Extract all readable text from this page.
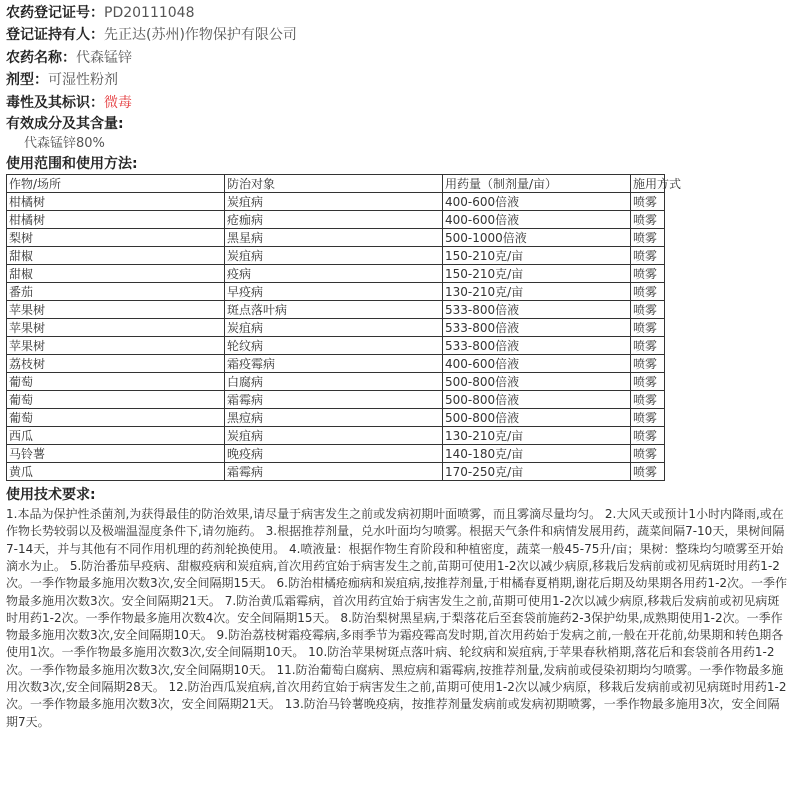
农药登记证号：PD20111048
登记证持有人：先正达(苏州)作物保护有限公司
农药名称：代森锰锌
剂型：可湿性粉剂
毒性及其标识：微毒
有效成分及其含量:
代森锰锌80%
使用范围和使用方法:
作物/场所	防治对象	用药量（制剂量/亩）	施用方式
柑橘树	炭疽病	400-600倍液	喷雾
柑橘树	疮痂病	400-600倍液	喷雾
梨树	黑星病	500-1000倍液	喷雾
甜椒	炭疽病	150-210克/亩	喷雾
甜椒	疫病	150-210克/亩	喷雾
番茄	早疫病	130-210克/亩	喷雾
苹果树	斑点落叶病	533-800倍液	喷雾
苹果树	炭疽病	533-800倍液	喷雾
苹果树	轮纹病	533-800倍液	喷雾
荔枝树	霜疫霉病	400-600倍液	喷雾
葡萄	白腐病	500-800倍液	喷雾
葡萄	霜霉病	500-800倍液	喷雾
葡萄	黑痘病	500-800倍液	喷雾
西瓜	炭疽病	130-210克/亩	喷雾
马铃薯	晚疫病	140-180克/亩	喷雾
黄瓜	霜霉病	170-250克/亩	喷雾
使用技术要求:
1.本品为保护性杀菌剂,为获得最佳的防治效果,请尽量于病害发生之前或发病初期叶面喷雾，而且雾滴尽量均匀。 2.大风天或预计1小时内降雨,或在作物长势较弱以及极端温湿度条件下,请勿施药。 3.根据推荐剂量，兑水叶面均匀喷雾。根据天气条件和病情发展用药，蔬菜间隔7-10天，果树间隔7-14天，并与其他有不同作用机理的药剂轮换使用。 4.喷液量：根据作物生育阶段和种植密度，蔬菜一般45-75升/亩；果树：整珠均匀喷雾至开始滴水为止。 5.防治番茄早疫病、甜椒疫病和炭疽病,首次用药宜始于病害发生之前,苗期可使用1-2次以减少病原,移栽后发病前或初见病斑时用药1-2次。一季作物最多施用次数3次,安全间隔期15天。 6.防治柑橘疮痂病和炭疽病,按推荐剂量,于柑橘春夏梢期,谢花后期及幼果期各用药1-2次。一季作物最多施用次数3次。安全间隔期21天。 7.防治黄瓜霜霉病，首次用药宜始于病害发生之前,苗期可使用1-2次以减少病原,移栽后发病前或初见病斑时用药1-2次。一季作物最多施用次数4次。安全间隔期15天。 8.防治梨树黑星病,于梨落花后至套袋前施药2-3保护幼果,成熟期使用1-2次。一季作物最多施用次数3次,安全间隔期10天。 9.防治荔枝树霜疫霉病,多雨季节为霜疫霉高发时期,首次用药始于发病之前,一般在开花前,幼果期和转色期各使用1次。一季作物最多施用次数3次,安全间隔期10天。 10.防治苹果树斑点落叶病、轮纹病和炭疽病,于苹果春秋梢期,落花后和套袋前各用药1-2次。一季作物最多施用次数3次,安全间隔期10天。 11.防治葡萄白腐病、黑痘病和霜霉病,按推荐剂量,发病前或侵染初期均匀喷雾。一季作物最多施用次数3次,安全间隔期28天。 12.防治西瓜炭疽病,首次用药宜始于病害发生之前,苗期可使用1-2次以减少病原，移栽后发病前或初见病斑时用药1-2次。一季作物最多施用次数3次，安全间隔期21天。 13.防治马铃薯晚疫病，按推荐剂量发病前或发病初期喷雾，一季作物最多施用3次，安全间隔期7天。
